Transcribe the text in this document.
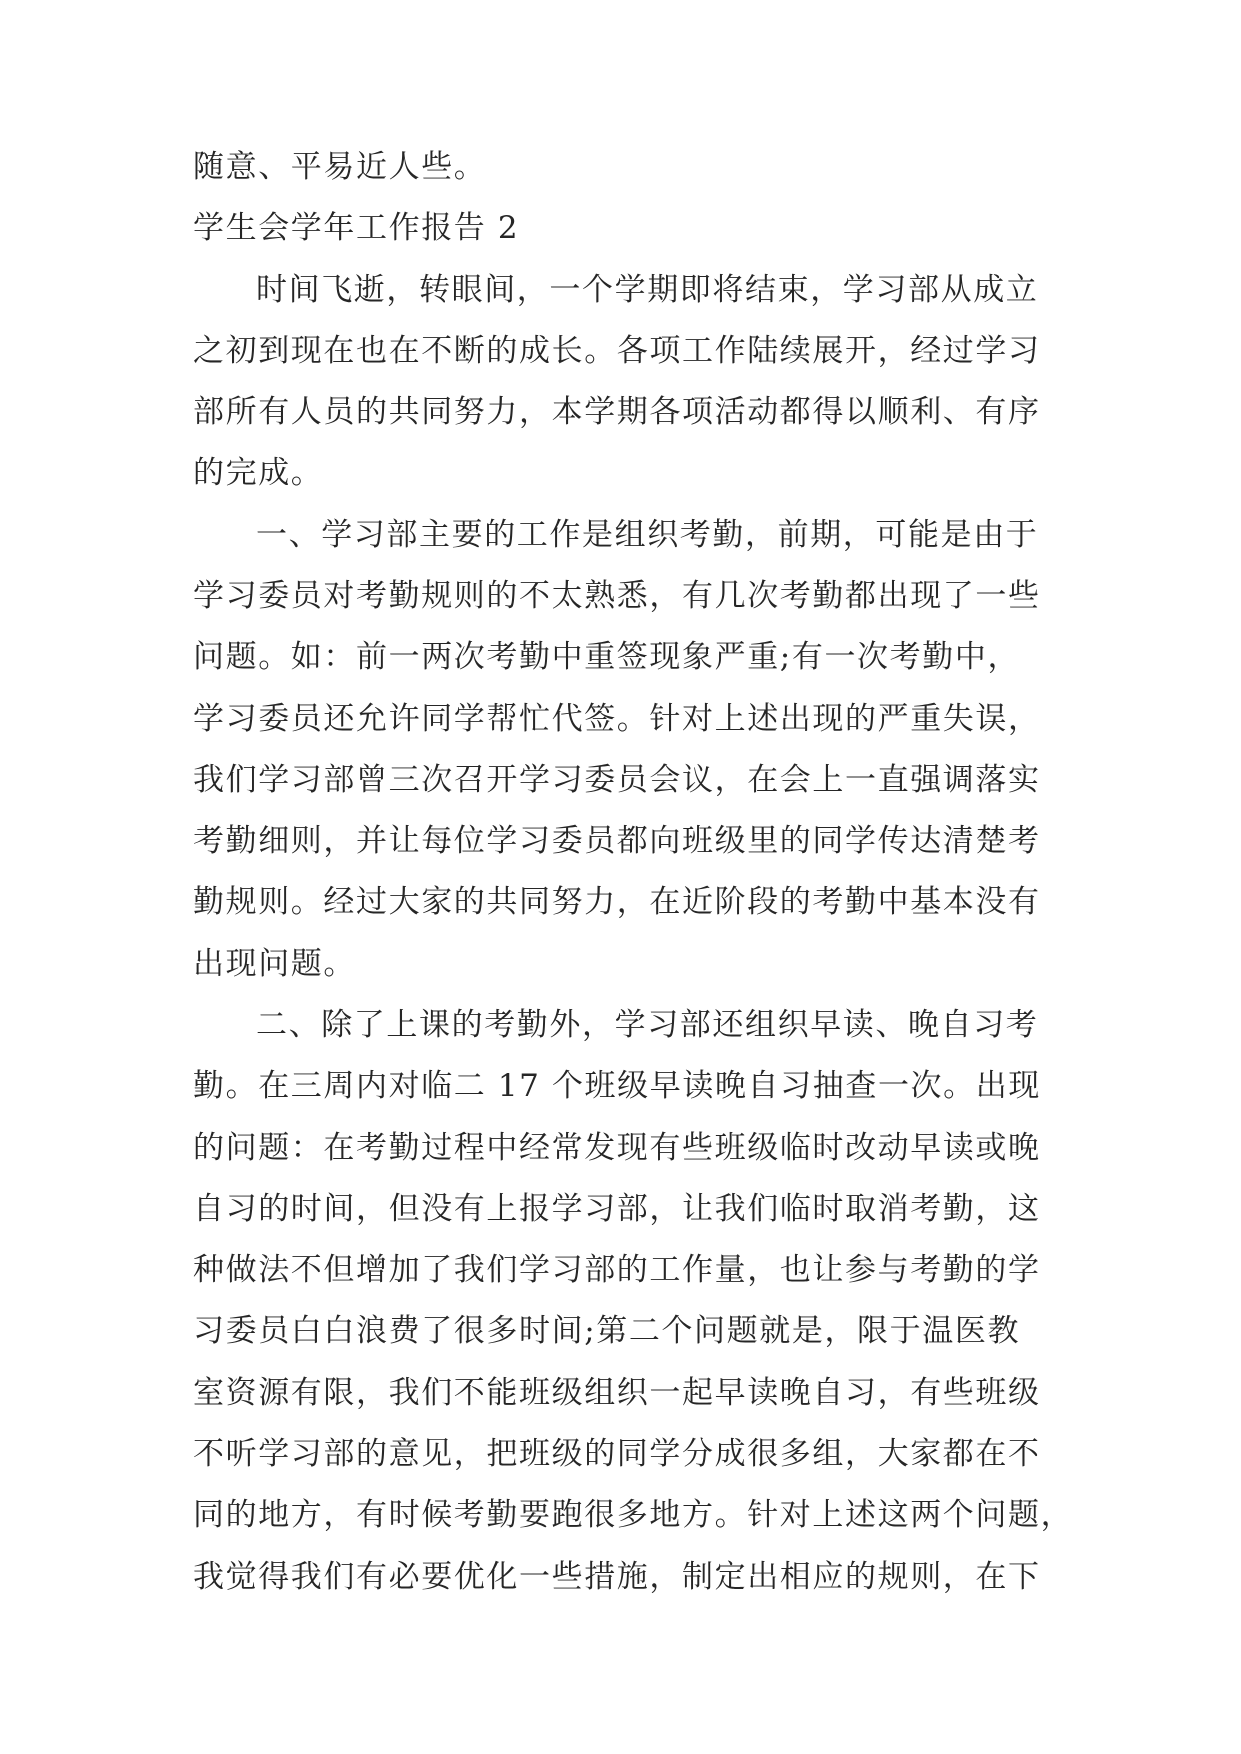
随意、平易近人些。
学生会学年工作报告 2
时间飞逝，转眼间，一个学期即将结束，学习部从成立
之初到现在也在不断的成长。各项工作陆续展开，经过学习
部所有人员的共同努力，本学期各项活动都得以顺利、有序
的完成。
一、学习部主要的工作是组织考勤，前期，可能是由于
学习委员对考勤规则的不太熟悉，有几次考勤都出现了一些
问题。如：前一两次考勤中重签现象严重;有一次考勤中，
学习委员还允许同学帮忙代签。针对上述出现的严重失误，
我们学习部曾三次召开学习委员会议，在会上一直强调落实
考勤细则，并让每位学习委员都向班级里的同学传达清楚考
勤规则。经过大家的共同努力，在近阶段的考勤中基本没有
出现问题。
二、除了上课的考勤外，学习部还组织早读、晚自习考
勤。在三周内对临二 17 个班级早读晚自习抽查一次。出现
的问题：在考勤过程中经常发现有些班级临时改动早读或晚
自习的时间，但没有上报学习部，让我们临时取消考勤，这
种做法不但增加了我们学习部的工作量，也让参与考勤的学
习委员白白浪费了很多时间;第二个问题就是，限于温医教
室资源有限，我们不能班级组织一起早读晚自习，有些班级
不听学习部的意见，把班级的同学分成很多组，大家都在不
同的地方，有时候考勤要跑很多地方。针对上述这两个问题，
我觉得我们有必要优化一些措施，制定出相应的规则，在下
